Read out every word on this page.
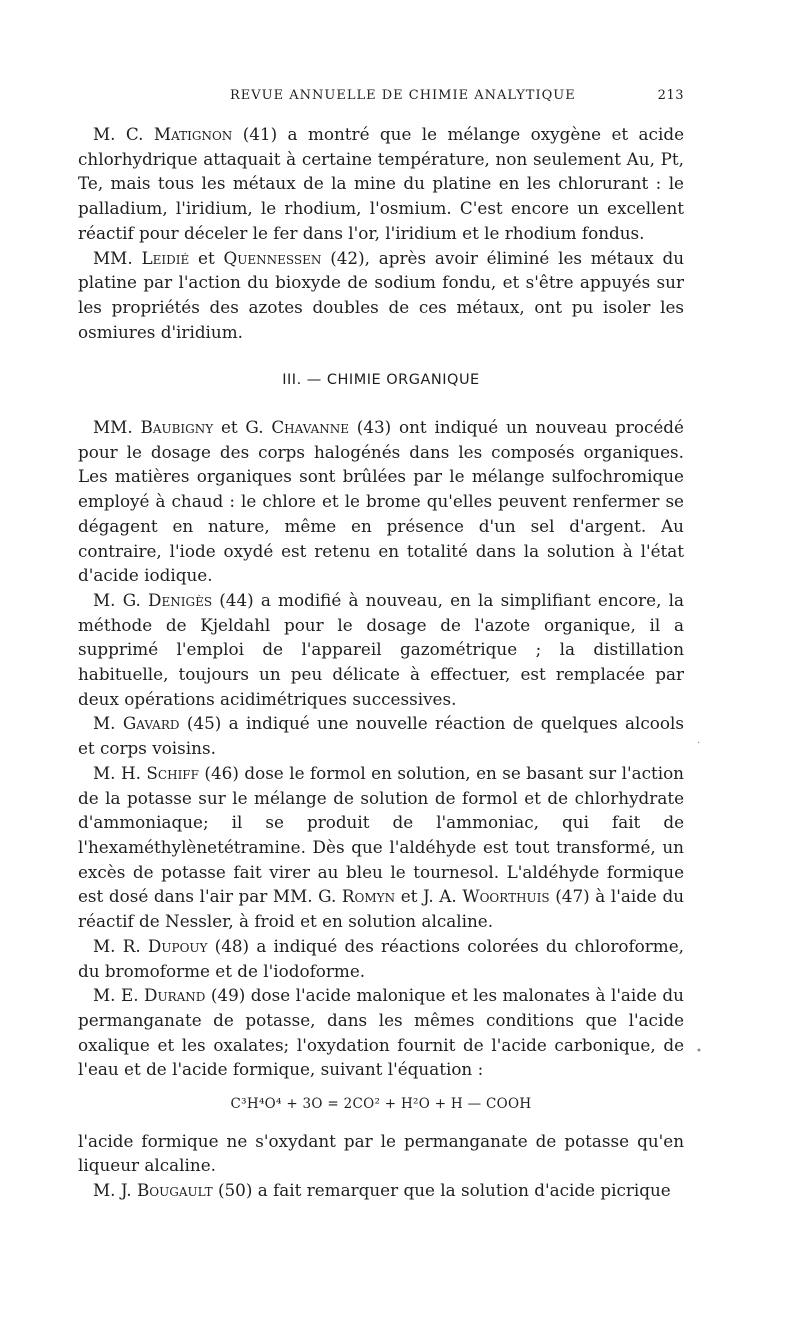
REVUE ANNUELLE DE CHIMIE ANALYTIQUE	213

M. C. Matignon (41) a montré que le mélange oxygène et acide chlorhydrique attaquait à certaine température, non seulement Au, Pt, Te, mais tous les métaux de la mine du platine en les chlorurant : le palladium, l'iridium, le rhodium, l'osmium. C'est encore un excellent réactif pour déceler le fer dans l'or, l'iridium et le rhodium fondus.

MM. Leidié et Quennessen (42), après avoir éliminé les métaux du platine par l'action du bioxyde de sodium fondu, et s'être appuyés sur les propriétés des azotes doubles de ces métaux, ont pu isoler les osmiures d'iridium.

III. — CHIMIE ORGANIQUE

MM. Baubigny et G. Chavanne (43) ont indiqué un nouveau procédé pour le dosage des corps halogénés dans les composés organiques. Les matières organiques sont brûlées par le mélange sulfochromique employé à chaud : le chlore et le brome qu'elles peuvent renfermer se dégagent en nature, même en présence d'un sel d'argent. Au contraire, l'iode oxydé est retenu en totalité dans la solution à l'état d'acide iodique.

M. G. Denigès (44) a modifié à nouveau, en la simplifiant encore, la méthode de Kjeldahl pour le dosage de l'azote organique, il a supprimé l'emploi de l'appareil gazométrique ; la distillation habituelle, toujours un peu délicate à effectuer, est remplacée par deux opérations acidimétriques successives.

M. Gavard (45) a indiqué une nouvelle réaction de quelques alcools et corps voisins.

M. H. Schiff (46) dose le formol en solution, en se basant sur l'action de la potasse sur le mélange de solution de formol et de chlorhydrate d'ammoniaque; il se produit de l'ammoniac, qui fait de l'hexaméthylènetétramine. Dès que l'aldéhyde est tout transformé, un excès de potasse fait virer au bleu le tournesol. L'aldéhyde formique est dosé dans l'air par MM. G. Romyn et J. A. Woorthuis (47) à l'aide du réactif de Nessler, à froid et en solution alcaline.

M. R. Dupouy (48) a indiqué des réactions colorées du chloroforme, du bromoforme et de l'iodoforme.

M. E. Durand (49) dose l'acide malonique et les malonates à l'aide du permanganate de potasse, dans les mêmes conditions que l'acide oxalique et les oxalates; l'oxydation fournit de l'acide carbonique, de l'eau et de l'acide formique, suivant l'équation :

C³H⁴O⁴ + 3O = 2CO² + H²O + H — COOH

l'acide formique ne s'oxydant par le permanganate de potasse qu'en liqueur alcaline.

M. J. Bougault (50) a fait remarquer que la solution d'acide picrique

·
•
